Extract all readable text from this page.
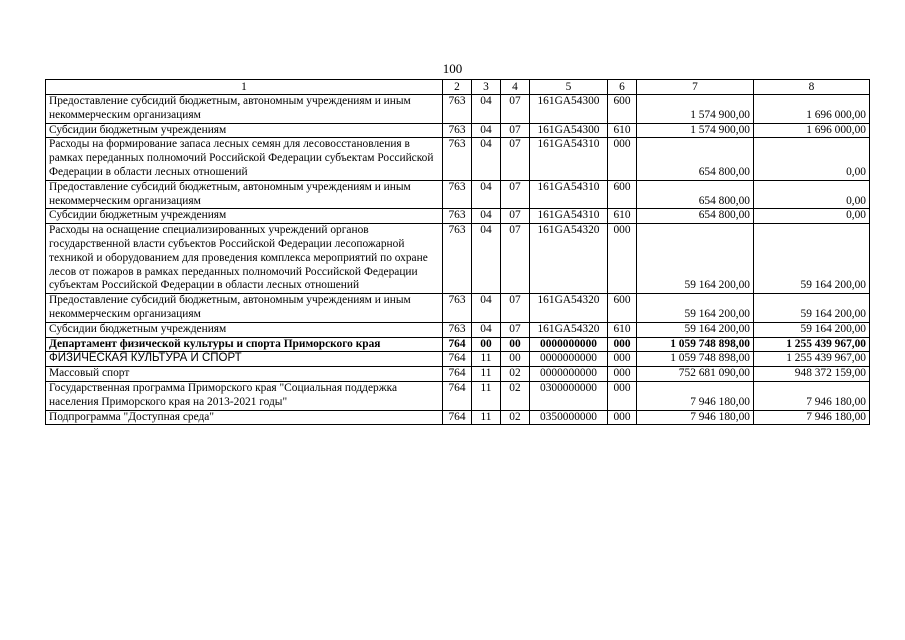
100
1	2	3	4	5	6	7	8
Предоставление субсидий бюджетным, автономным учреждениям и иным некоммерческим организациям	763	04	07	161GA54300	600	1 574 900,00	1 696 000,00
Субсидии бюджетным учреждениям	763	04	07	161GA54300	610	1 574 900,00	1 696 000,00
Расходы на формирование запаса лесных семян для лесовосстановления в рамках переданных полномочий Российской Федерации субъектам Российской Федерации в области лесных отношений	763	04	07	161GA54310	000	654 800,00	0,00
Предоставление субсидий бюджетным, автономным учреждениям и иным некоммерческим организациям	763	04	07	161GA54310	600	654 800,00	0,00
Субсидии бюджетным учреждениям	763	04	07	161GA54310	610	654 800,00	0,00
Расходы на оснащение специализированных учреждений органов государственной власти субъектов Российской Федерации лесопожарной техникой и оборудованием для проведения комплекса мероприятий по охране лесов от пожаров в рамках переданных полномочий Российской Федерации субъектам Российской Федерации в области лесных отношений	763	04	07	161GA54320	000	59 164 200,00	59 164 200,00
Предоставление субсидий бюджетным, автономным учреждениям и иным некоммерческим организациям	763	04	07	161GA54320	600	59 164 200,00	59 164 200,00
Субсидии бюджетным учреждениям	763	04	07	161GA54320	610	59 164 200,00	59 164 200,00
Департамент физической культуры и спорта Приморского края	764	00	00	0000000000	000	1 059 748 898,00	1 255 439 967,00
ФИЗИЧЕСКАЯ КУЛЬТУРА И СПОРТ	764	11	00	0000000000	000	1 059 748 898,00	1 255 439 967,00
Массовый спорт	764	11	02	0000000000	000	752 681 090,00	948 372 159,00
Государственная программа Приморского края "Социальная поддержка населения Приморского края на 2013-2021 годы"	764	11	02	0300000000	000	7 946 180,00	7 946 180,00
Подпрограмма "Доступная среда"	764	11	02	0350000000	000	7 946 180,00	7 946 180,00
